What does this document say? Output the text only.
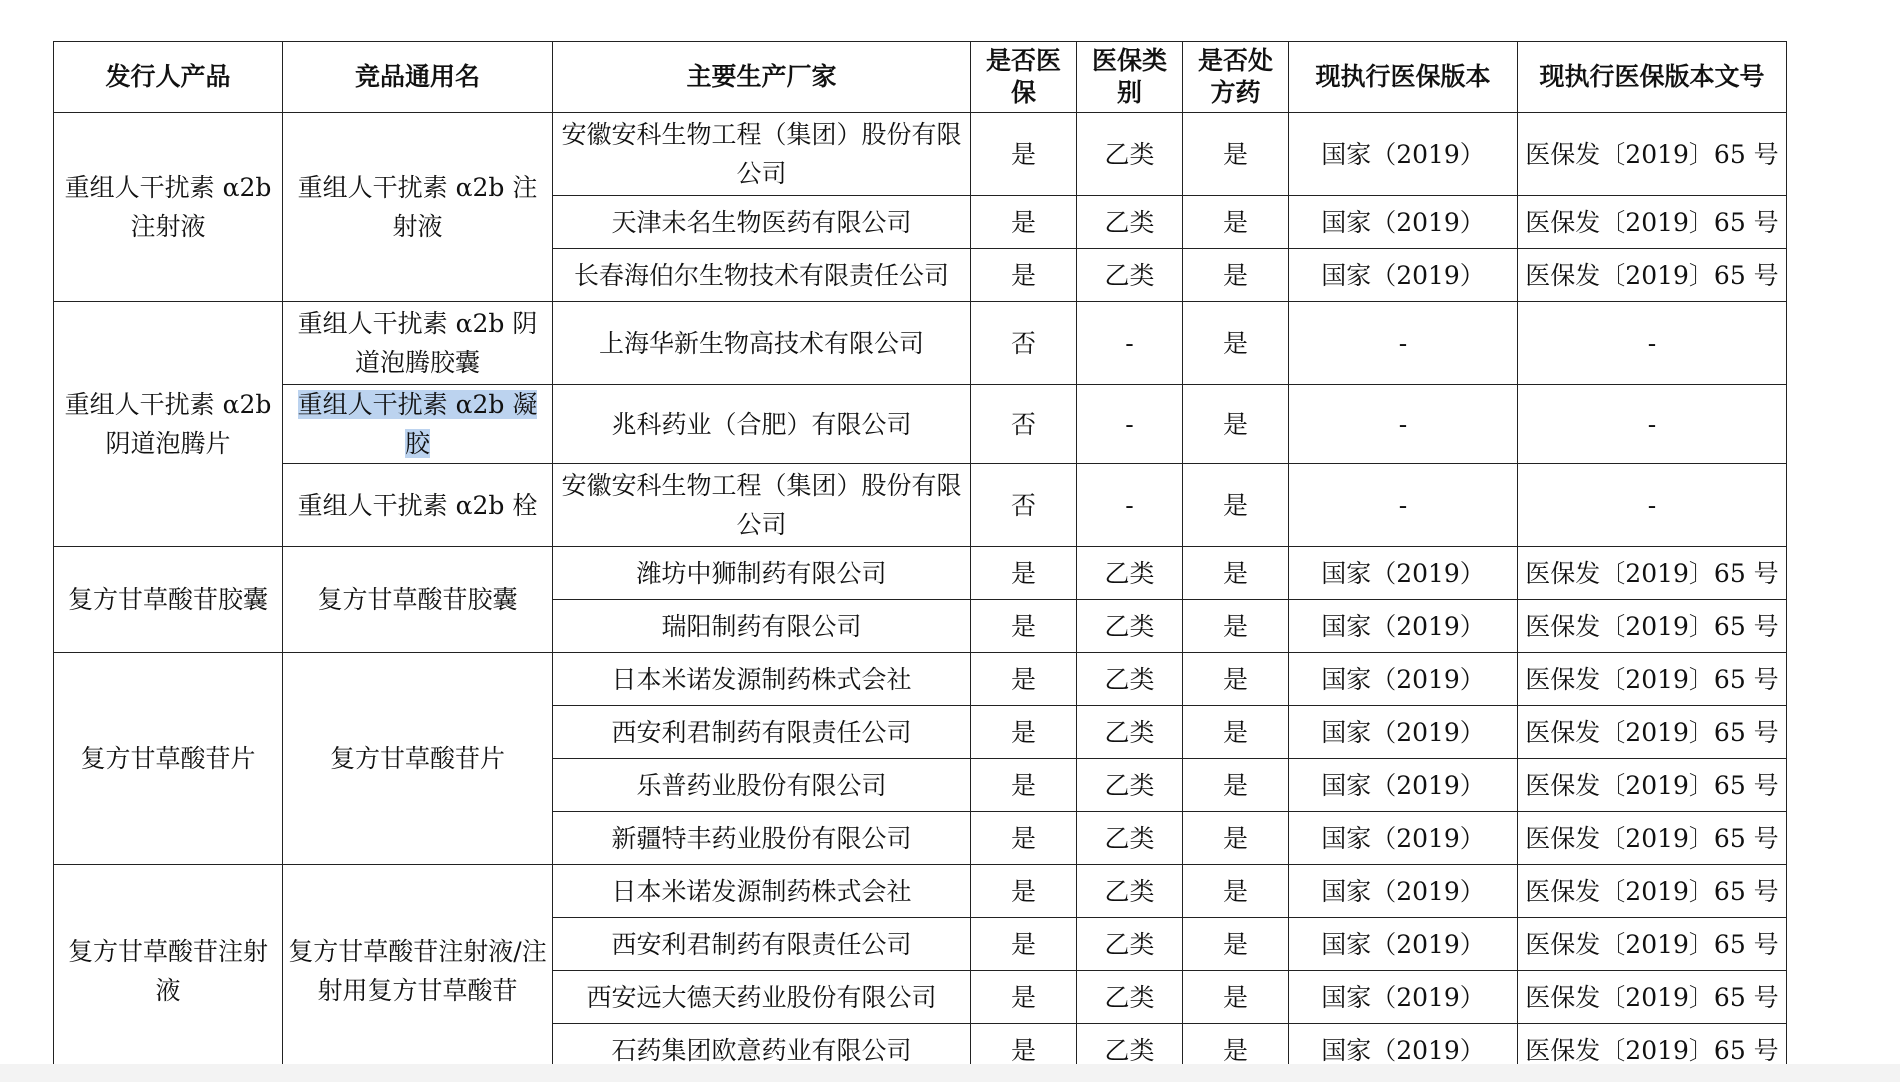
发行人产品	竞品通用名	主要生产厂家	是否医保	医保类别	是否处方药	现执行医保版本	现执行医保版本文号
重组人干扰素 α2b 注射液	重组人干扰素 α2b 注射液	安徽安科生物工程（集团）股份有限公司	是	乙类	是	国家（2019）	医保发〔2019〕65 号
		天津未名生物医药有限公司	是	乙类	是	国家（2019）	医保发〔2019〕65 号
		长春海伯尔生物技术有限责任公司	是	乙类	是	国家（2019）	医保发〔2019〕65 号
重组人干扰素 α2b 阴道泡腾片	重组人干扰素 α2b 阴道泡腾胶囊	上海华新生物高技术有限公司	否	-	是	-	-
	重组人干扰素 α2b 凝胶	兆科药业（合肥）有限公司	否	-	是	-	-
	重组人干扰素 α2b 栓	安徽安科生物工程（集团）股份有限公司	否	-	是	-	-
复方甘草酸苷胶囊	复方甘草酸苷胶囊	潍坊中狮制药有限公司	是	乙类	是	国家（2019）	医保发〔2019〕65 号
		瑞阳制药有限公司	是	乙类	是	国家（2019）	医保发〔2019〕65 号
复方甘草酸苷片	复方甘草酸苷片	日本米诺发源制药株式会社	是	乙类	是	国家（2019）	医保发〔2019〕65 号
		西安利君制药有限责任公司	是	乙类	是	国家（2019）	医保发〔2019〕65 号
		乐普药业股份有限公司	是	乙类	是	国家（2019）	医保发〔2019〕65 号
		新疆特丰药业股份有限公司	是	乙类	是	国家（2019）	医保发〔2019〕65 号
复方甘草酸苷注射液	复方甘草酸苷注射液/注射用复方甘草酸苷	日本米诺发源制药株式会社	是	乙类	是	国家（2019）	医保发〔2019〕65 号
		西安利君制药有限责任公司	是	乙类	是	国家（2019）	医保发〔2019〕65 号
		西安远大德天药业股份有限公司	是	乙类	是	国家（2019）	医保发〔2019〕65 号
		石药集团欧意药业有限公司	是	乙类	是	国家（2019）	医保发〔2019〕65 号
